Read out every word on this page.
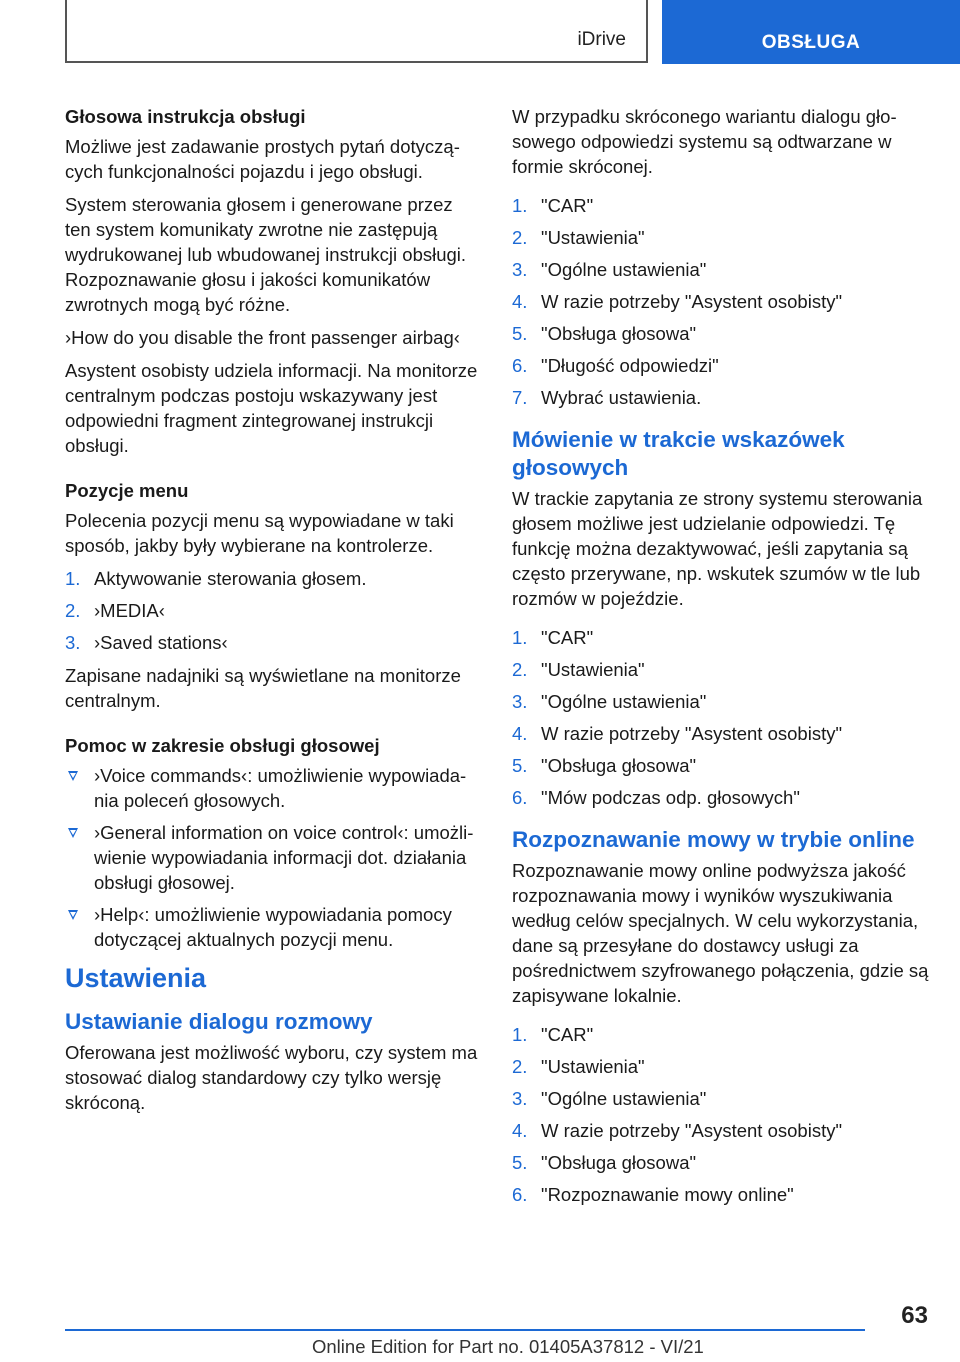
iDrive	OBSŁUGA
Głosowa instrukcja obsługi
Możliwe jest zadawanie prostych pytań dotyczących funkcjonalności pojazdu i jego obsługi.
System sterowania głosem i generowane przez ten system komunikaty zwrotne nie zastępują wydrukowanej lub wbudowanej instrukcji obsługi. Rozpoznawanie głosu i jakości komunikatów zwrotnych mogą być różne.
›How do you disable the front passenger airbag‹
Asystent osobisty udziela informacji. Na monitorze centralnym podczas postoju wskazywany jest odpowiedni fragment zintegrowanej instrukcji obsługi.
Pozycje menu
Polecenia pozycji menu są wypowiadane w taki sposób, jakby były wybierane na kontrolerze.
1. Aktywowanie sterowania głosem.
2. ›MEDIA‹
3. ›Saved stations‹
Zapisane nadajniki są wyświetlane na monitorze centralnym.
Pomoc w zakresie obsługi głosowej
›Voice commands‹: umożliwienie wypowiadania poleceń głosowych.
›General information on voice control‹: umożliwienie wypowiadania informacji dot. działania obsługi głosowej.
›Help‹: umożliwienie wypowiadania pomocy dotyczącej aktualnych pozycji menu.
Ustawienia
Ustawianie dialogu rozmowy
Oferowana jest możliwość wyboru, czy system ma stosować dialog standardowy czy tylko wersję skróconą.
W przypadku skróconego wariantu dialogu głosowego odpowiedzi systemu są odtwarzane w formie skróconej.
1. "CAR"
2. "Ustawienia"
3. "Ogólne ustawienia"
4. W razie potrzeby "Asystent osobisty"
5. "Obsługa głosowa"
6. "Długość odpowiedzi"
7. Wybrać ustawienia.
Mówienie w trakcie wskazówek głosowych
W trackie zapytania ze strony systemu sterowania głosem możliwe jest udzielanie odpowiedzi. Tę funkcję można dezaktywować, jeśli zapytania są często przerywane, np. wskutek szumów w tle lub rozmów w pojeździe.
1. "CAR"
2. "Ustawienia"
3. "Ogólne ustawienia"
4. W razie potrzeby "Asystent osobisty"
5. "Obsługa głosowa"
6. "Mów podczas odp. głosowych"
Rozpoznawanie mowy w trybie online
Rozpoznawanie mowy online podwyższa jakość rozpoznawania mowy i wyników wyszukiwania według celów specjalnych. W celu wykorzystania, dane są przesyłane do dostawcy usługi za pośrednictwem szyfrowanego połączenia, gdzie są zapisywane lokalnie.
1. "CAR"
2. "Ustawienia"
3. "Ogólne ustawienia"
4. W razie potrzeby "Asystent osobisty"
5. "Obsługa głosowa"
6. "Rozpoznawanie mowy online"
63
Online Edition for Part no. 01405A37812 - VI/21
